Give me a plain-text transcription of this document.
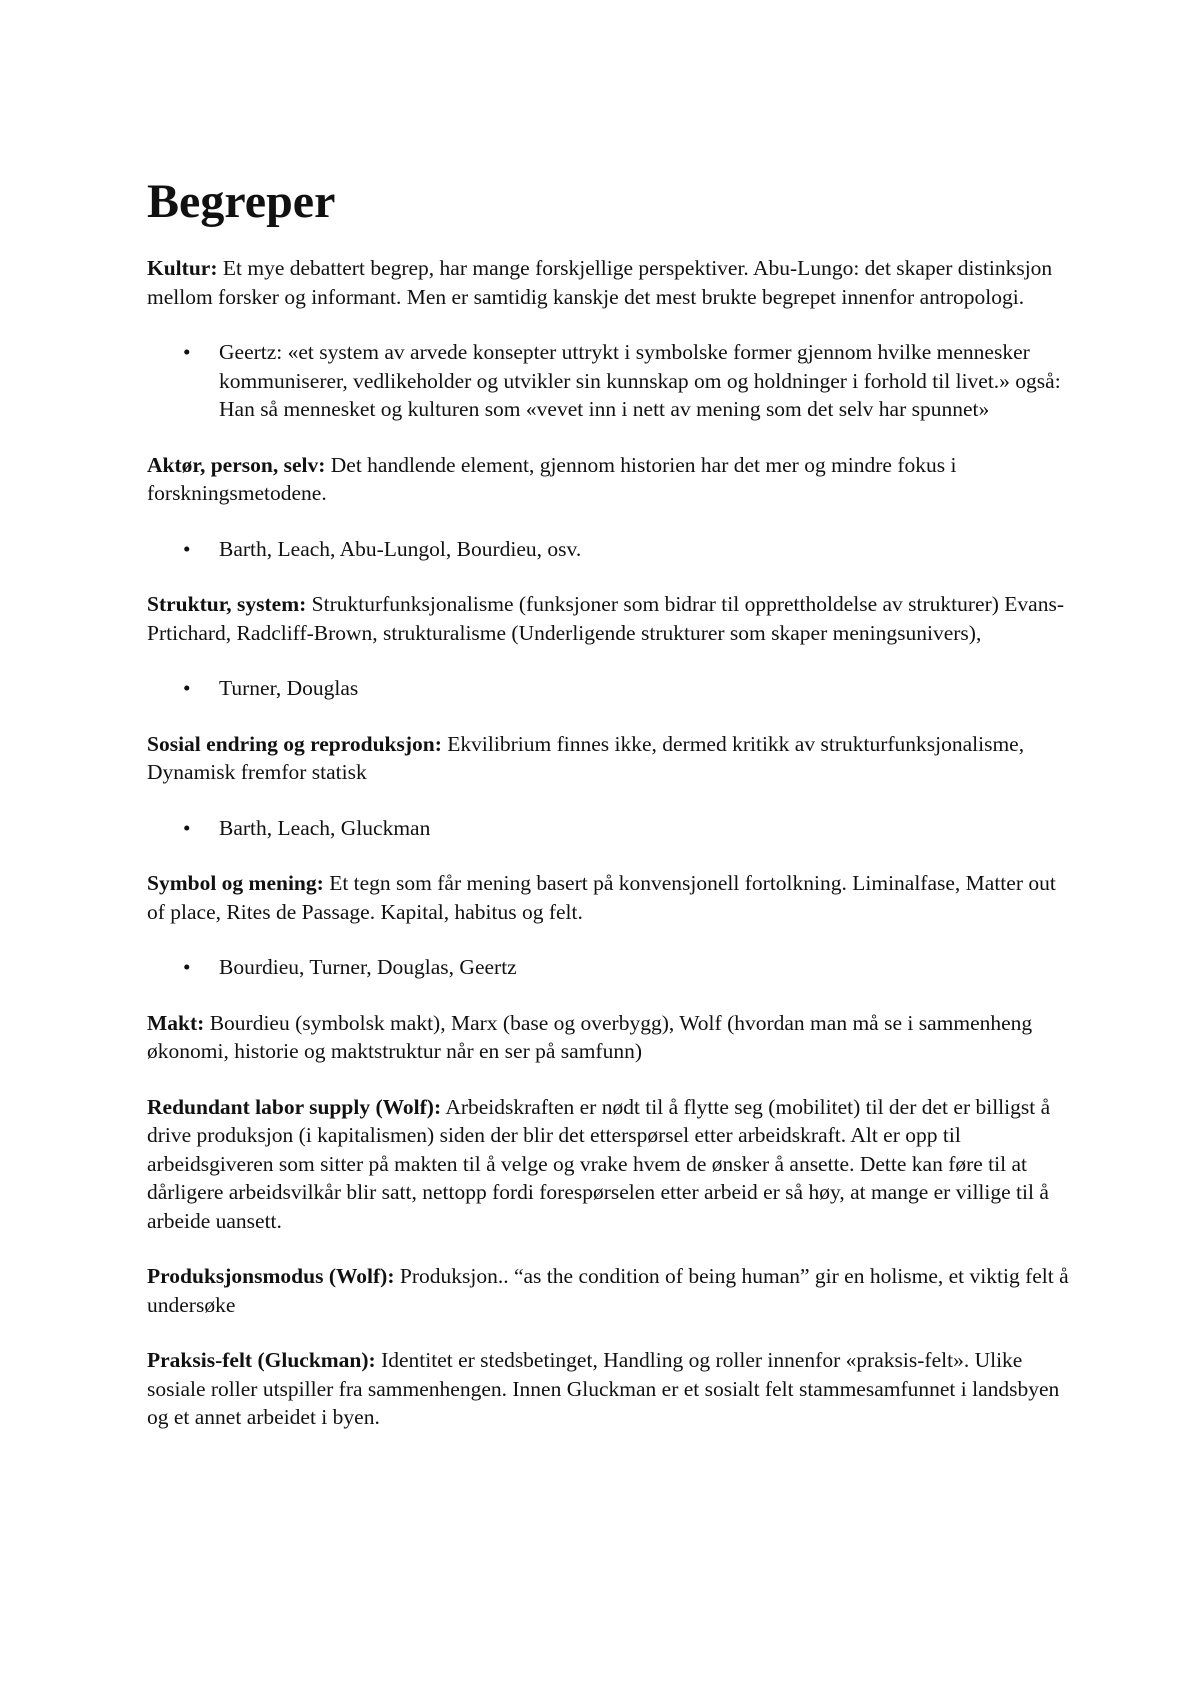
Begreper

Kultur: Et mye debattert begrep, har mange forskjellige perspektiver. Abu-Lungo: det skaper distinksjon mellom forsker og informant. Men er samtidig kanskje det mest brukte begrepet innenfor antropologi.

• Geertz: «et system av arvede konsepter uttrykt i symbolske former gjennom hvilke mennesker kommuniserer, vedlikeholder og utvikler sin kunnskap om og holdninger i forhold til livet.» også: Han så mennesket og kulturen som «vevet inn i nett av mening som det selv har spunnet»

Aktør, person, selv: Det handlende element, gjennom historien har det mer og mindre fokus i forskningsmetodene.

• Barth, Leach, Abu-Lungol, Bourdieu, osv.

Struktur, system: Strukturfunksjonalisme (funksjoner som bidrar til opprettholdelse av strukturer) Evans-Prtichard, Radcliff-Brown, strukturalisme (Underligende strukturer som skaper meningsunivers),

• Turner, Douglas

Sosial endring og reproduksjon: Ekvilibrium finnes ikke, dermed kritikk av strukturfunksjonalisme, Dynamisk fremfor statisk

• Barth, Leach, Gluckman

Symbol og mening: Et tegn som får mening basert på konvensjonell fortolkning. Liminalfase, Matter out of place, Rites de Passage. Kapital, habitus og felt.

• Bourdieu, Turner, Douglas, Geertz

Makt: Bourdieu (symbolsk makt), Marx (base og overbygg), Wolf (hvordan man må se i sammenheng økonomi, historie og maktstruktur når en ser på samfunn)

Redundant labor supply (Wolf): Arbeidskraften er nødt til å flytte seg (mobilitet) til der det er billigst å drive produksjon (i kapitalismen) siden der blir det etterspørsel etter arbeidskraft. Alt er opp til arbeidsgiveren som sitter på makten til å velge og vrake hvem de ønsker å ansette. Dette kan føre til at dårligere arbeidsvilkår blir satt, nettopp fordi forespørselen etter arbeid er så høy, at mange er villige til å arbeide uansett.

Produksjonsmodus (Wolf): Produksjon.. “as the condition of being human” gir en holisme, et viktig felt å undersøke

Praksis-felt (Gluckman): Identitet er stedsbetinget, Handling og roller innenfor «praksis-felt». Ulike sosiale roller utspiller fra sammenhengen. Innen Gluckman er et sosialt felt stammesamfunnet i landsbyen og et annet arbeidet i byen.
